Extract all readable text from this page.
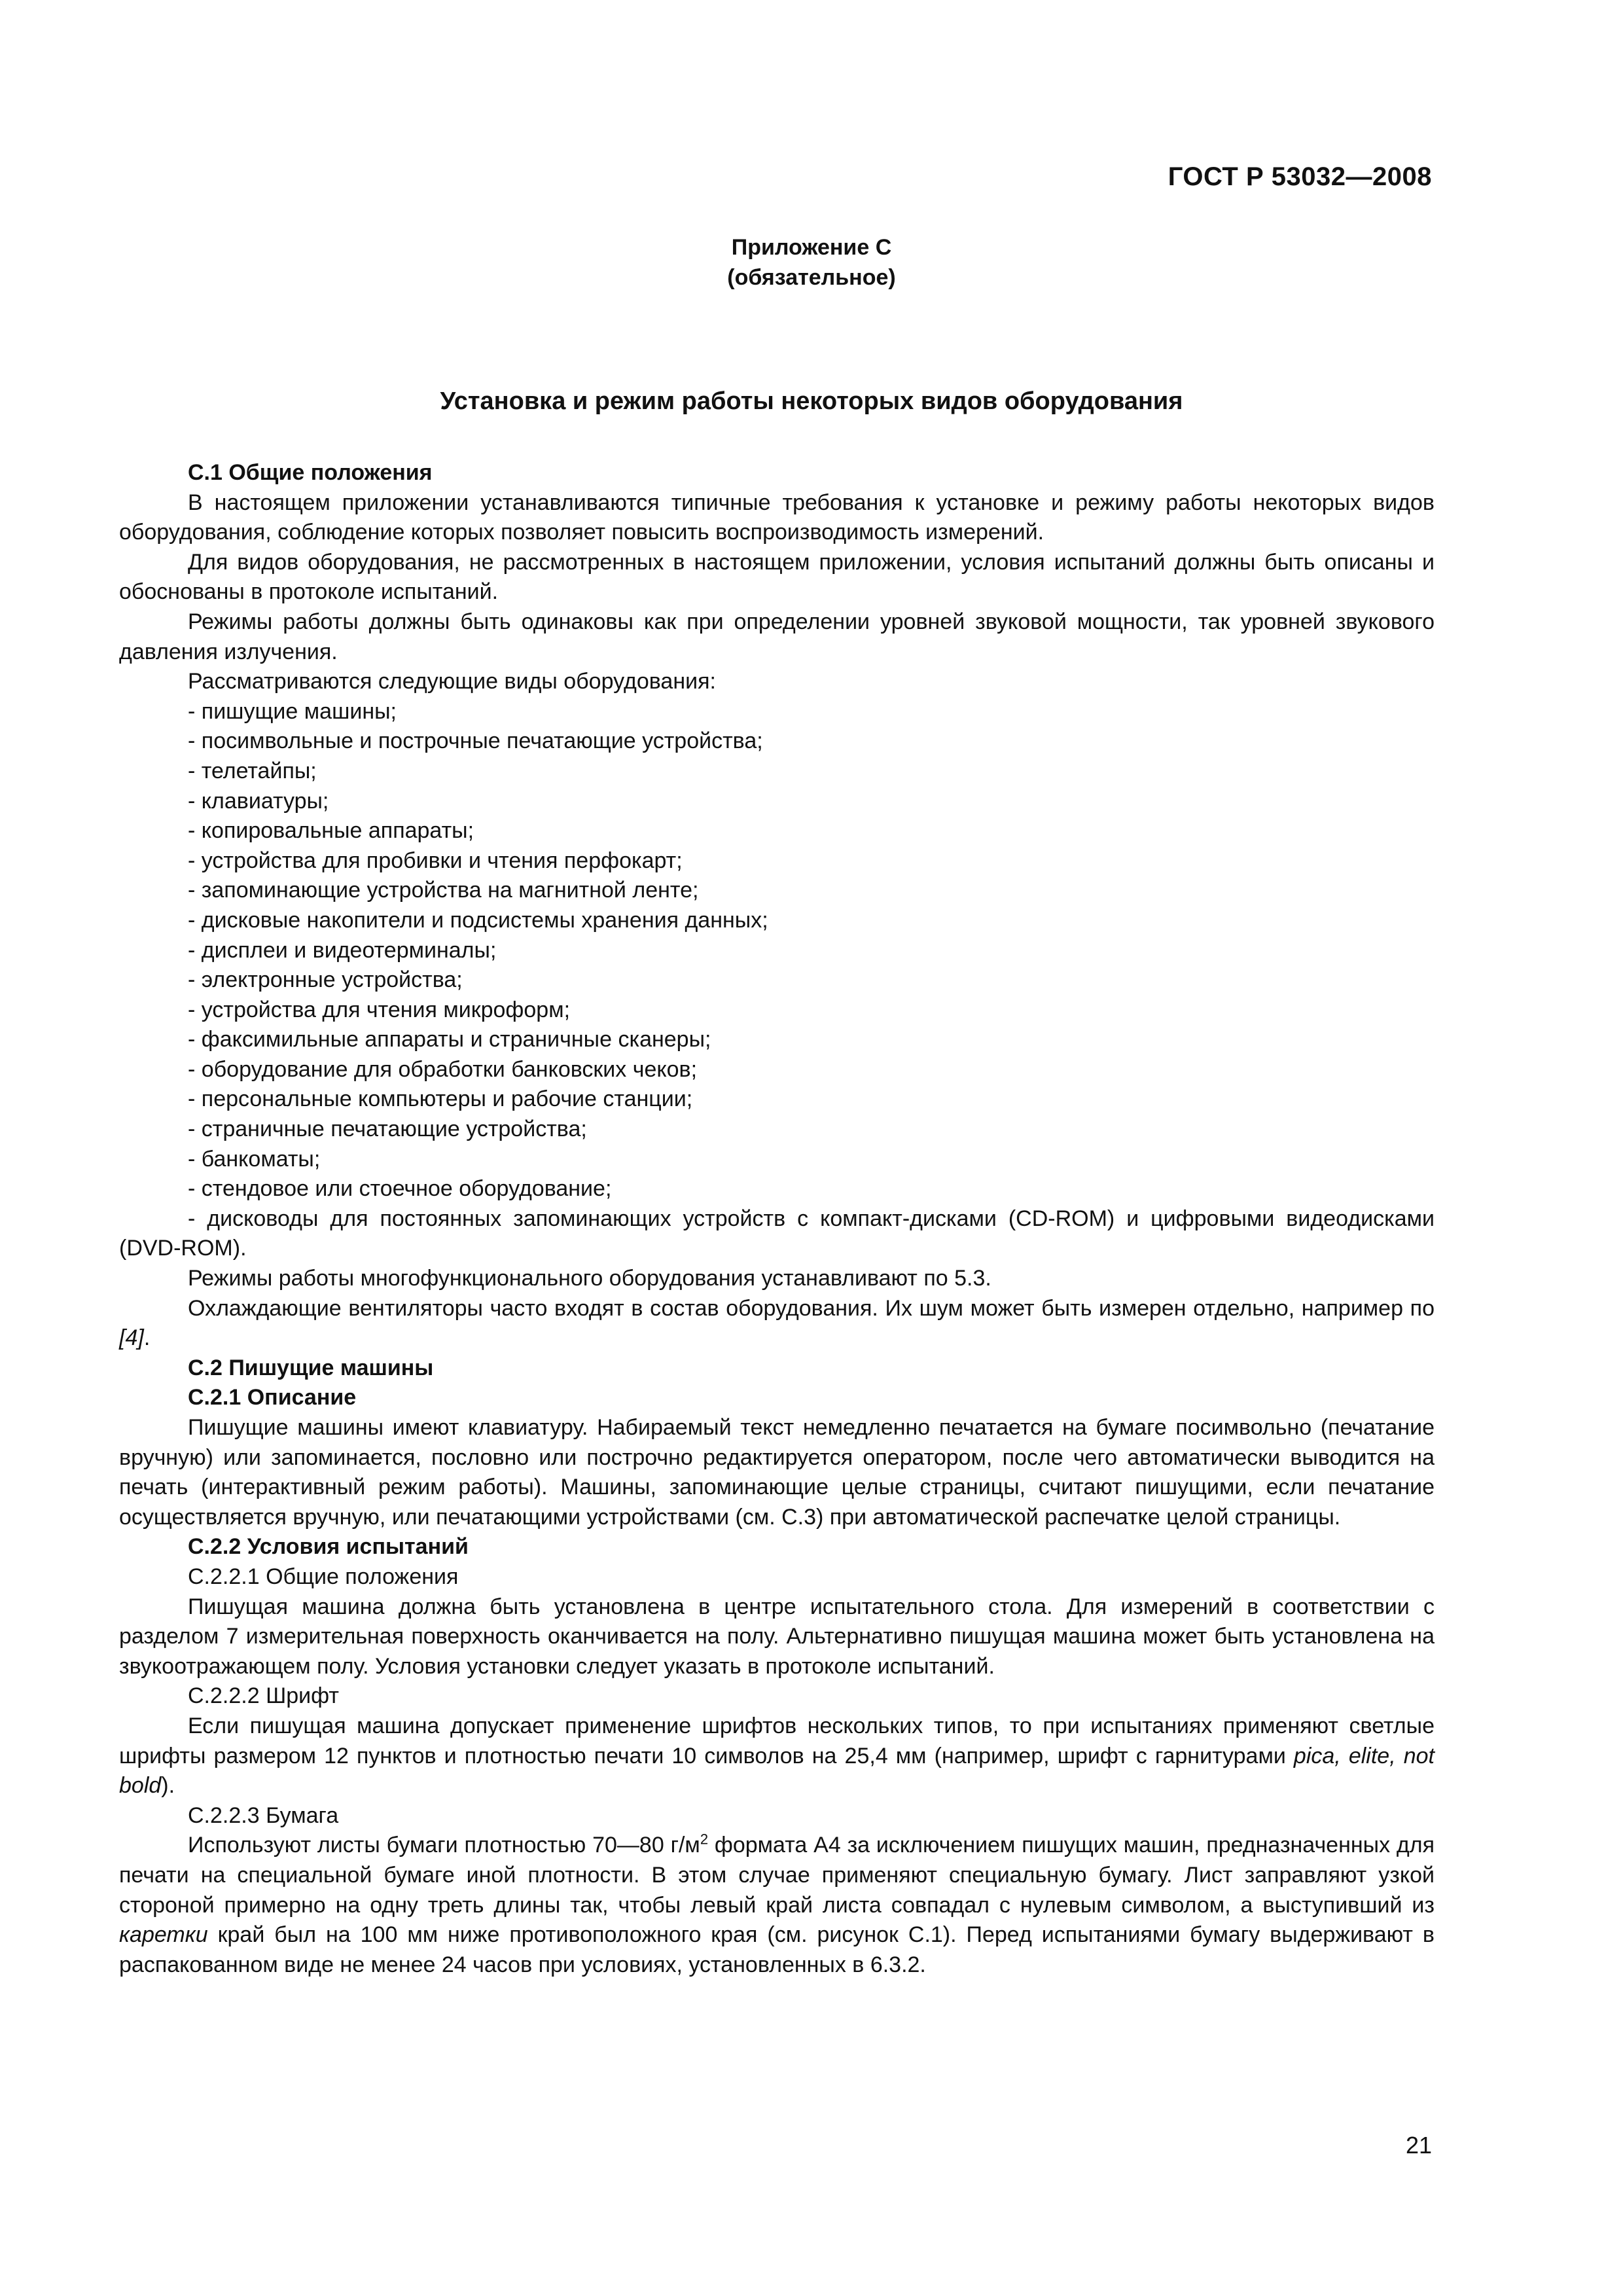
ГОСТ Р 53032—2008
Приложение С
(обязательное)
Установка и режим работы некоторых видов оборудования

С.1 Общие положения

В настоящем приложении устанавливаются типичные требования к установке и режиму работы некоторых видов оборудования, соблюдение которых позволяет повысить воспроизводимость измерений.

Для видов оборудования, не рассмотренных в настоящем приложении, условия испытаний должны быть описаны и обоснованы в протоколе испытаний.

Режимы работы должны быть одинаковы как при определении уровней звуковой мощности, так уровней звукового давления излучения.

Рассматриваются следующие виды оборудования:

- пишущие машины;
- посимвольные и построчные печатающие устройства;
- телетайпы;
- клавиатуры;
- копировальные аппараты;
- устройства для пробивки и чтения перфокарт;
- запоминающие устройства на магнитной ленте;
- дисковые накопители и подсистемы хранения данных;
- дисплеи и видеотерминалы;
- электронные устройства;
- устройства для чтения микроформ;
- факсимильные аппараты и страничные сканеры;
- оборудование для обработки банковских чеков;
- персональные компьютеры и рабочие станции;
- страничные печатающие устройства;
- банкоматы;
- стендовое или стоечное оборудование;
- дисководы для постоянных запоминающих устройств с компакт-дисками (CD-ROM) и цифровыми видеодисками (DVD-ROM).

Режимы работы многофункционального оборудования устанавливают по 5.3.

Охлаждающие вентиляторы часто входят в состав оборудования. Их шум может быть измерен отдельно, например по [4].

С.2 Пишущие машины

С.2.1 Описание

Пишущие машины имеют клавиатуру. Набираемый текст немедленно печатается на бумаге посимвольно (печатание вручную) или запоминается, пословно или построчно редактируется оператором, после чего автоматически выводится на печать (интерактивный режим работы). Машины, запоминающие целые страницы, считают пишущими, если печатание осуществляется вручную, или печатающими устройствами (см. С.3) при автоматической распечатке целой страницы.

С.2.2 Условия испытаний

С.2.2.1 Общие положения

Пишущая машина должна быть установлена в центре испытательного стола. Для измерений в соответствии с разделом 7 измерительная поверхность оканчивается на полу. Альтернативно пишущая машина может быть установлена на звукоотражающем полу. Условия установки следует указать в протоколе испытаний.

С.2.2.2 Шрифт

Если пишущая машина допускает применение шрифтов нескольких типов, то при испытаниях применяют светлые шрифты размером 12 пунктов и плотностью печати 10 символов на 25,4 мм (например, шрифт с гарнитурами pica, elite, not bold).

С.2.2.3 Бумага

Используют листы бумаги плотностью 70—80 $г/м^2$ формата А4 за исключением пишущих машин, предназначенных для печати на специальной бумаге иной плотности. В этом случае применяют специальную бумагу. Лист заправляют узкой стороной примерно на одну треть длины так, чтобы левый край листа совпадал с нулевым символом, а выступивший из каретки край был на 100 мм ниже противоположного края (см. рисунок С.1). Перед испытаниями бумагу выдерживают в распакованном виде не менее 24 часов при условиях, установленных в 6.3.2.

21
